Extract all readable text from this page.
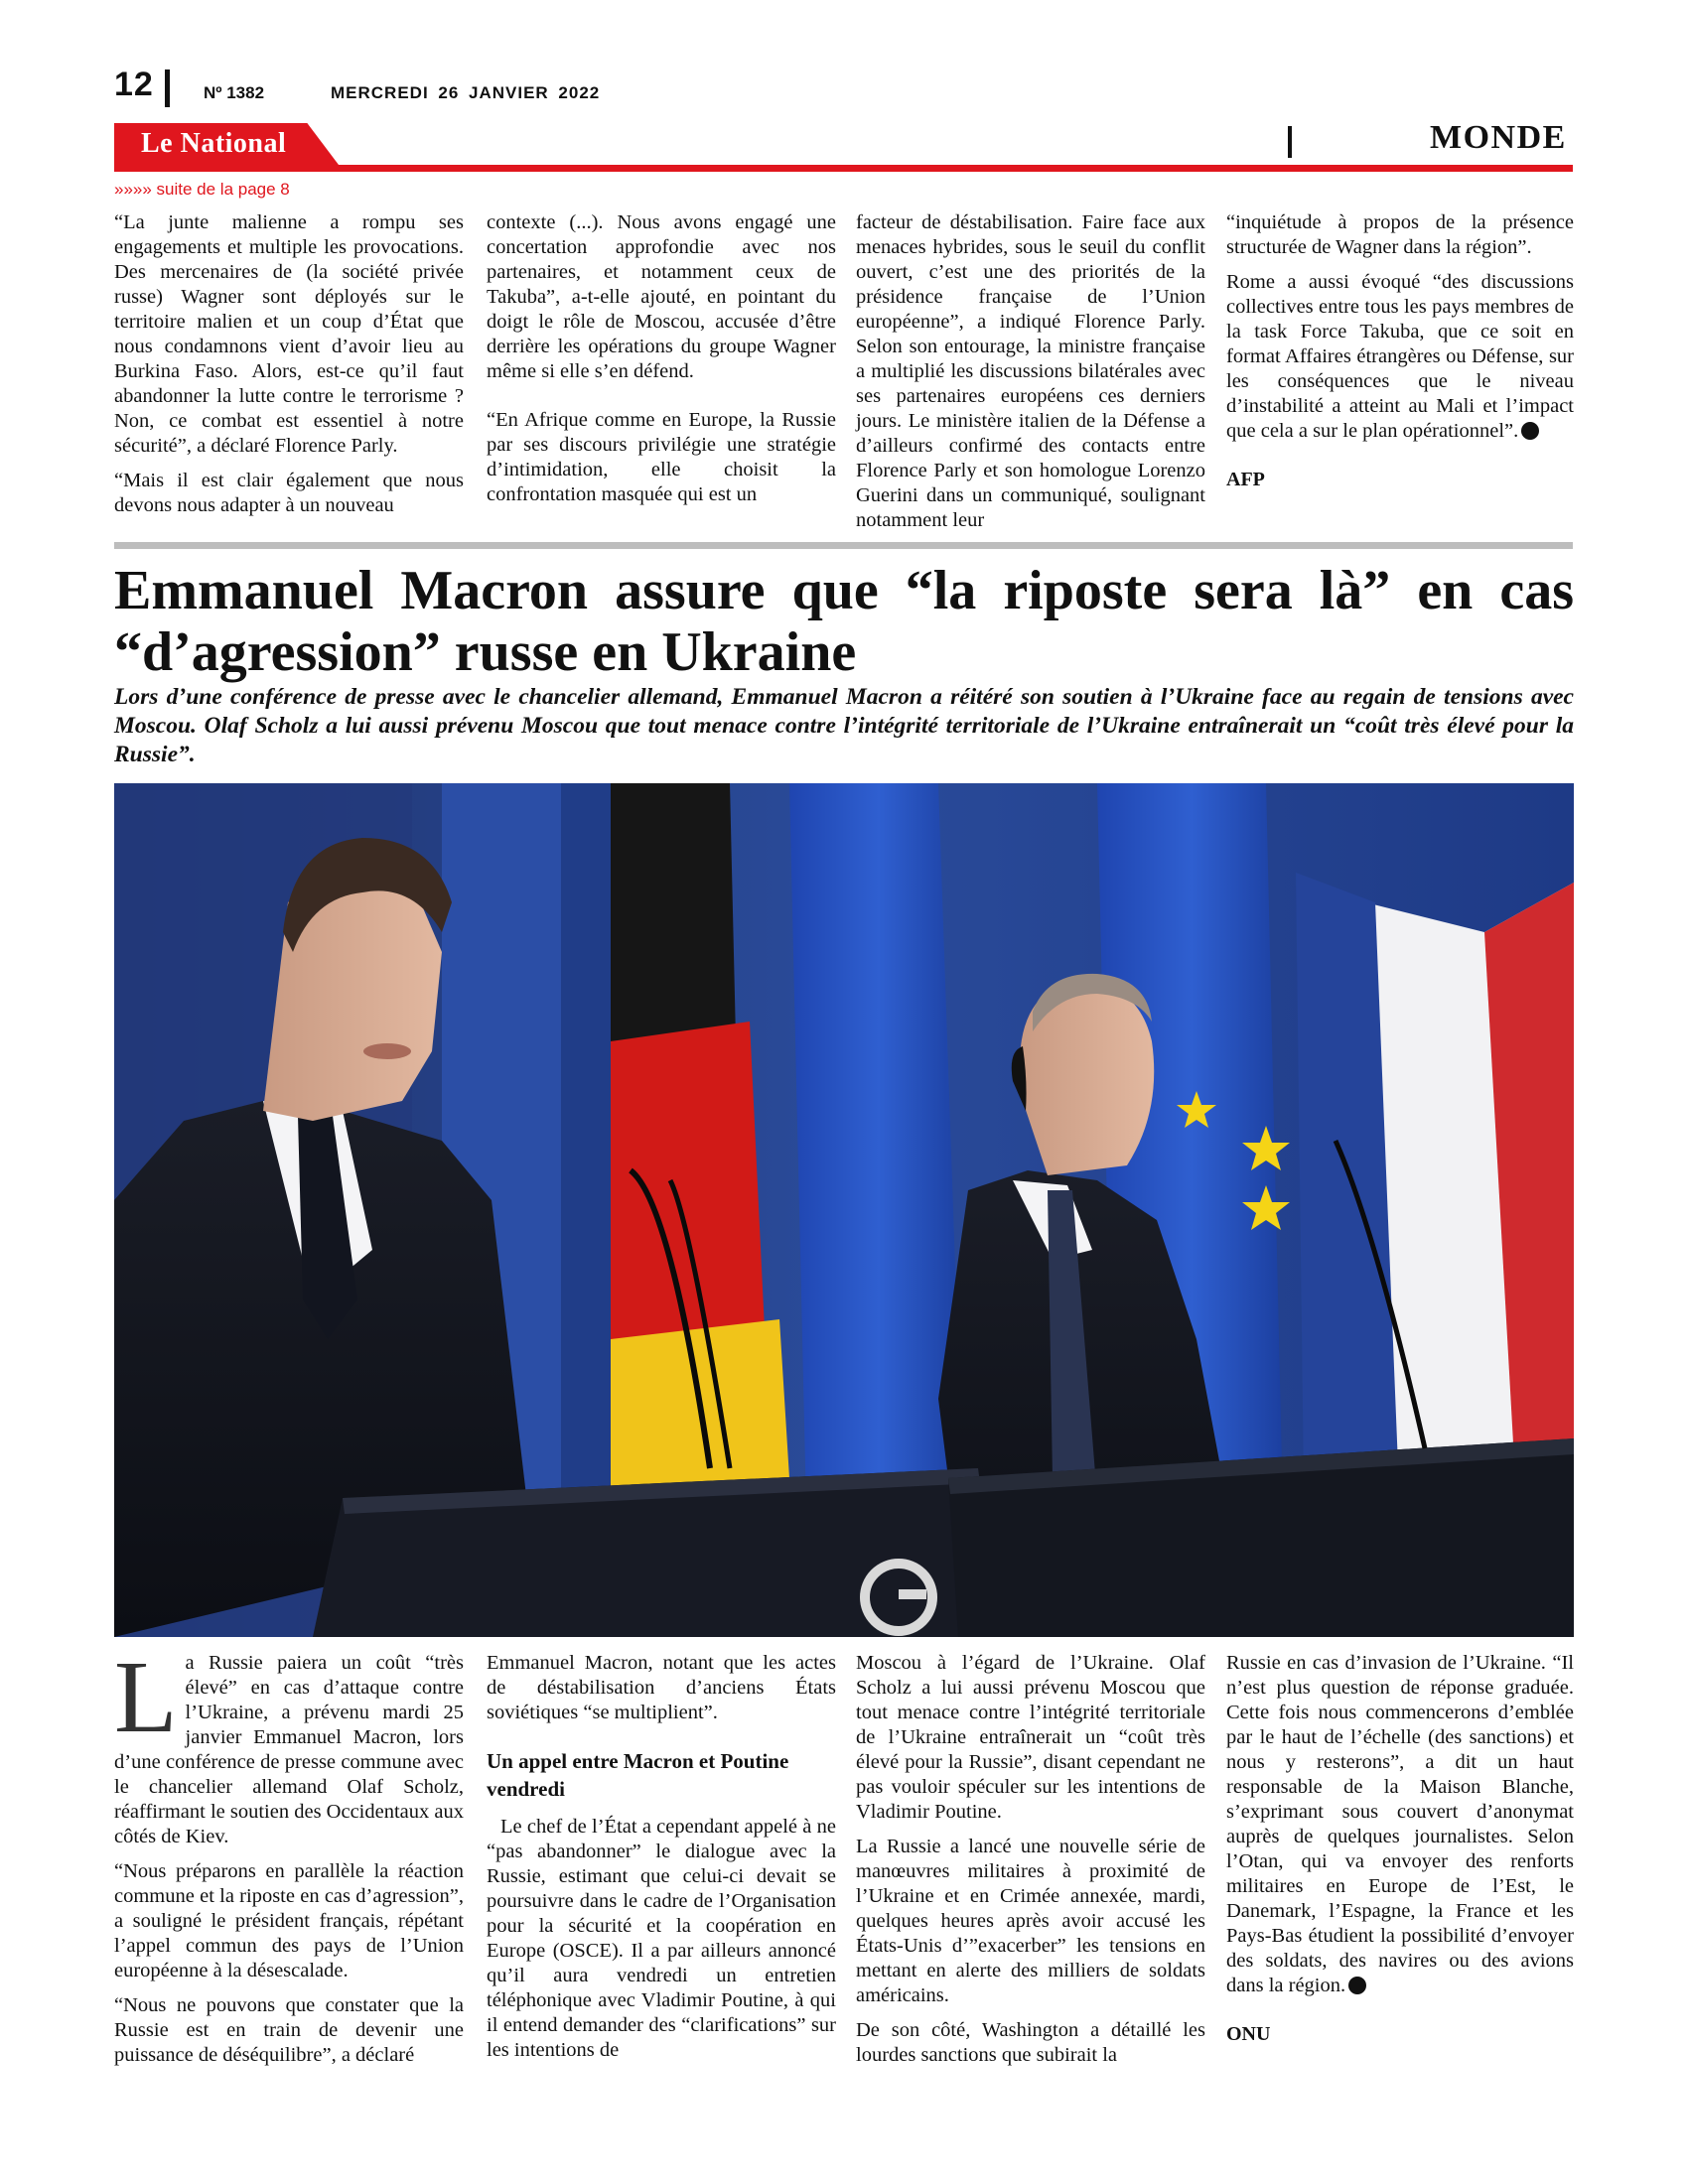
12	Nº 1382	MERCREDI 26 JANVIER 2022
Le National	MONDE
»»»» suite de la page 8

“La junte malienne a rompu ses engagements et multiple les provocations. Des mercenaires de (la société privée russe) Wagner sont déployés sur le territoire malien et un coup d’État que nous condamnons vient d’avoir lieu au Burkina Faso. Alors, est-ce qu’il faut abandonner la lutte contre le terrorisme ? Non, ce combat est essentiel à notre sécurité”, a déclaré Florence Parly.

“Mais il est clair également que nous devons nous adapter à un nouveau

contexte (...). Nous avons engagé une concertation approfondie avec nos partenaires, et notamment ceux de Takuba”, a-t-elle ajouté, en pointant du doigt le rôle de Moscou, accusée d’être derrière les opérations du groupe Wagner même si elle s’en défend.

“En Afrique comme en Europe, la Russie par ses discours privilégie une stratégie d’intimidation, elle choisit la confrontation masquée qui est un

facteur de déstabilisation. Faire face aux menaces hybrides, sous le seuil du conflit ouvert, c’est une des priorités de la présidence française de l’Union européenne”, a indiqué Florence Parly. Selon son entourage, la ministre française a multiplié les discussions bilatérales avec ses partenaires européens ces derniers jours. Le ministère italien de la Défense a d’ailleurs confirmé des contacts entre Florence Parly et son homologue Lorenzo Guerini dans un communiqué, soulignant notamment leur

“inquiétude à propos de la présence structurée de Wagner dans la région”.

Rome a aussi évoqué “des discussions collectives entre tous les pays membres de la task Force Takuba, que ce soit en format Affaires étrangères ou Défense, sur les conséquences que le niveau d’instabilité a atteint au Mali et l’impact que cela a sur le plan opérationnel”.

AFP

Emmanuel Macron assure que “la riposte sera là” en cas “d’agression” russe en Ukraine
Lors d’une conférence de presse avec le chancelier allemand, Emmanuel Macron a réitéré son soutien à l’Ukraine face au regain de tensions avec Moscou. Olaf Scholz a lui aussi prévenu Moscou que tout menace contre l’intégrité territoriale de l’Ukraine entraînerait un “coût très élevé pour la Russie”.

La Russie paiera un coût “très élevé” en cas d’attaque contre l’Ukraine, a prévenu mardi 25 janvier Emmanuel Macron, lors d’une conférence de presse commune avec le chancelier allemand Olaf Scholz, réaffirmant le soutien des Occidentaux aux côtés de Kiev.

“Nous préparons en parallèle la réaction commune et la riposte en cas d’agression”, a souligné le président français, répétant l’appel commun des pays de l’Union européenne à la désescalade.

“Nous ne pouvons que constater que la Russie est en train de devenir une puissance de déséquilibre”, a déclaré

Emmanuel Macron, notant que les actes de déstabilisation d’anciens États soviétiques “se multiplient”.

Un appel entre Macron et Poutine vendredi

Le chef de l’État a cependant appelé à ne “pas abandonner” le dialogue avec la Russie, estimant que celui-ci devait se poursuivre dans le cadre de l’Organisation pour la sécurité et la coopération en Europe (OSCE). Il a par ailleurs annoncé qu’il aura vendredi un entretien téléphonique avec Vladimir Poutine, à qui il entend demander des “clarifications” sur les intentions de

Moscou à l’égard de l’Ukraine. Olaf Scholz a lui aussi prévenu Moscou que tout menace contre l’intégrité territoriale de l’Ukraine entraînerait un “coût très élevé pour la Russie”, disant cependant ne pas vouloir spéculer sur les intentions de Vladimir Poutine.

La Russie a lancé une nouvelle série de manœuvres militaires à proximité de l’Ukraine et en Crimée annexée, mardi, quelques heures après avoir accusé les États-Unis d’”exacerber” les tensions en mettant en alerte des milliers de soldats américains.

De son côté, Washington a détaillé les lourdes sanctions que subirait la

Russie en cas d’invasion de l’Ukraine. “Il n’est plus question de réponse graduée. Cette fois nous commencerons d’emblée par le haut de l’échelle (des sanctions) et nous y resterons”, a dit un haut responsable de la Maison Blanche, s’exprimant sous couvert d’anonymat auprès de quelques journalistes. Selon l’Otan, qui va envoyer des renforts militaires en Europe de l’Est, le Danemark, l’Espagne, la France et les Pays-Bas étudient la possibilité d’envoyer des soldats, des navires ou des avions dans la région.

ONU
